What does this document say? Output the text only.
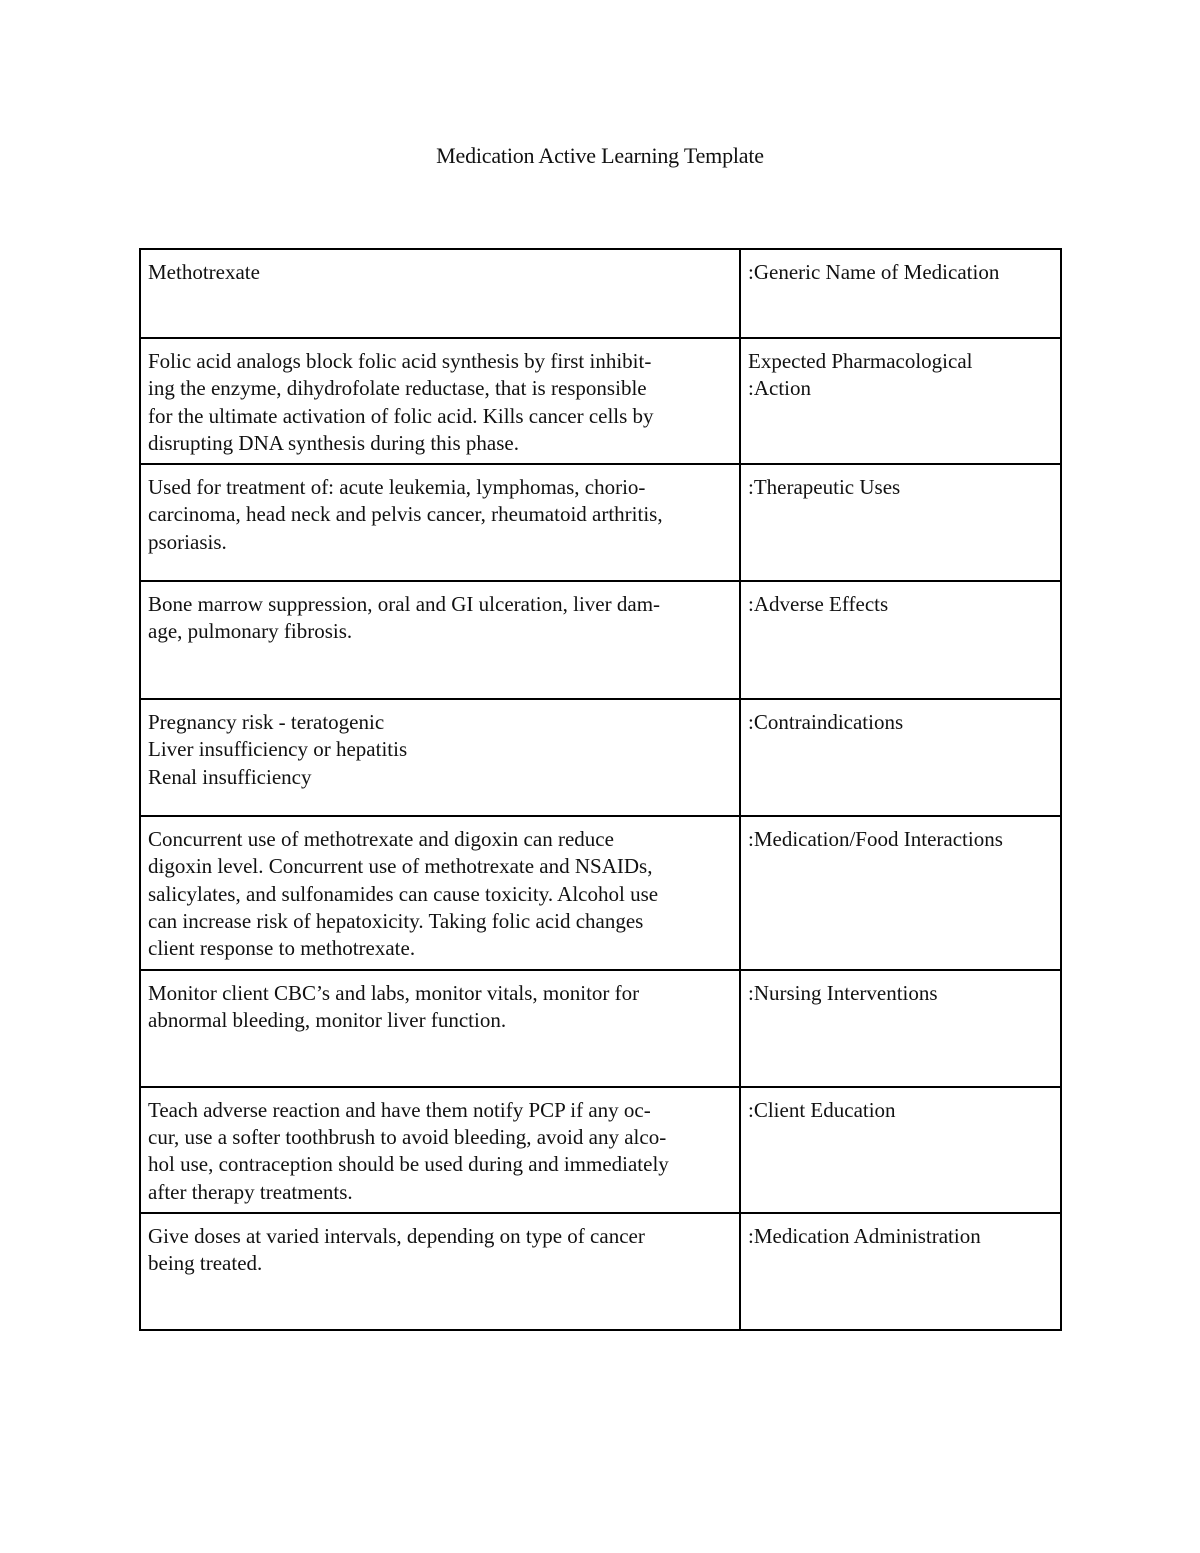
Medication Active Learning Template
Methotrexate	:Generic Name of Medication
Folic acid analogs block folic acid synthesis by first inhibit-
ing the enzyme, dihydrofolate reductase, that is responsible
for the ultimate activation of folic acid. Kills cancer cells by
disrupting DNA synthesis during this phase.	Expected Pharmacological
:Action
Used for treatment of: acute leukemia, lymphomas, chorio-
carcinoma, head neck and pelvis cancer, rheumatoid arthritis,
psoriasis.	:Therapeutic Uses
Bone marrow suppression, oral and GI ulceration, liver dam-
age, pulmonary fibrosis.	:Adverse Effects
Pregnancy risk - teratogenic
Liver insufficiency or hepatitis
Renal insufficiency	:Contraindications
Concurrent use of methotrexate and digoxin can reduce
digoxin level. Concurrent use of methotrexate and NSAIDs,
salicylates, and sulfonamides can cause toxicity. Alcohol use
can increase risk of hepatoxicity. Taking folic acid changes
client response to methotrexate.	:Medication/Food Interactions
Monitor client CBC’s and labs, monitor vitals, monitor for
abnormal bleeding, monitor liver function.	:Nursing Interventions
Teach adverse reaction and have them notify PCP if any oc-
cur, use a softer toothbrush to avoid bleeding, avoid any alco-
hol use, contraception should be used during and immediately
after therapy treatments.	:Client Education
Give doses at varied intervals, depending on type of cancer
being treated.	:Medication Administration
